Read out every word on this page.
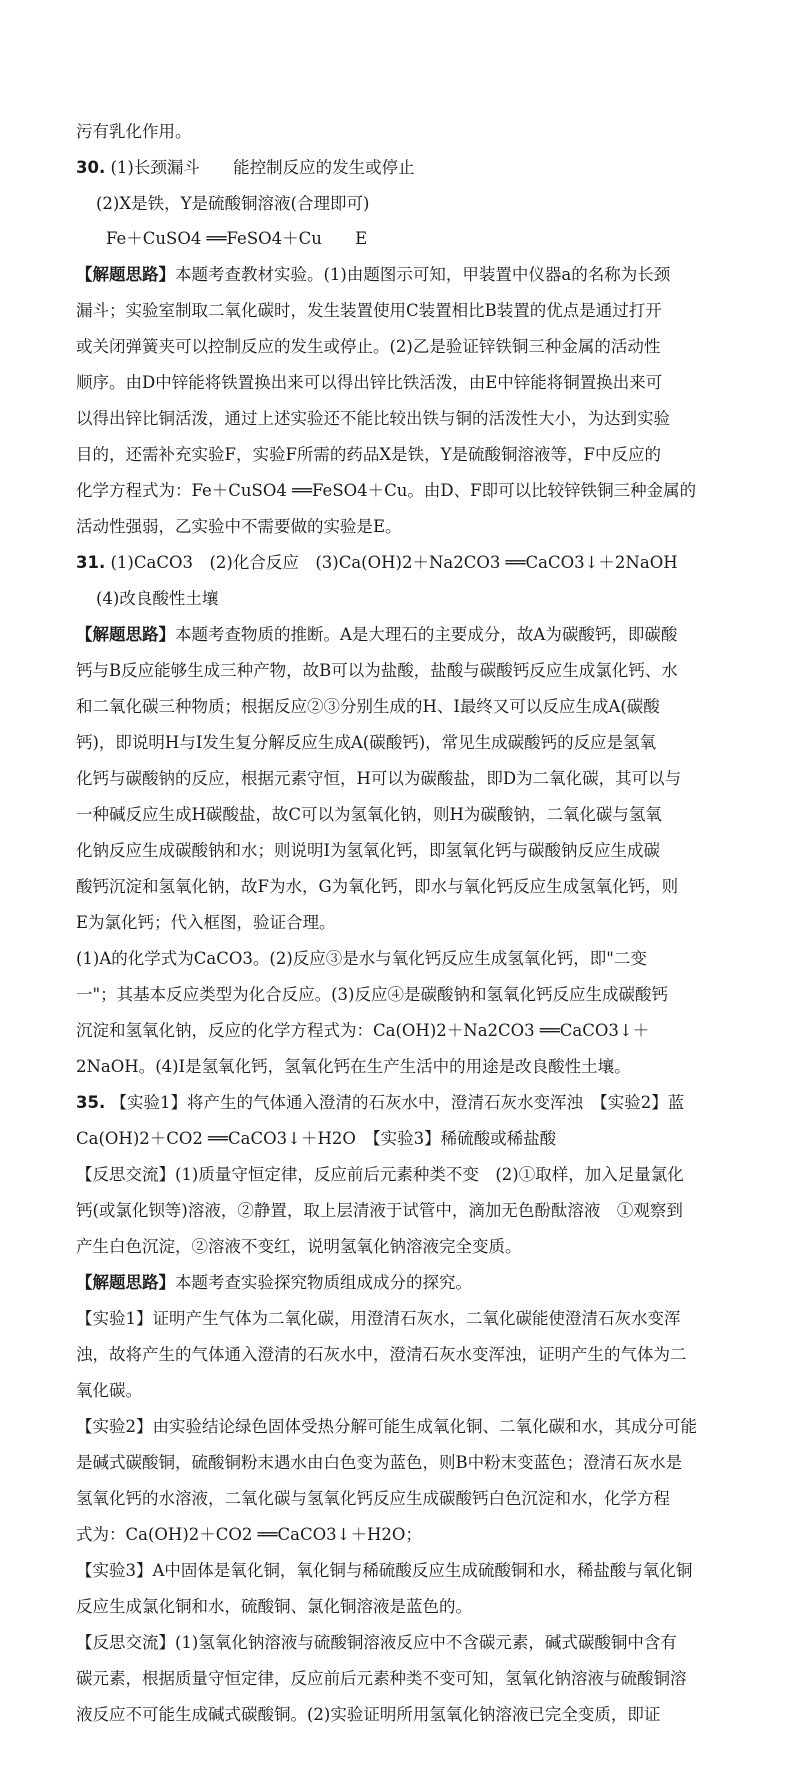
污有乳化作用。
30. (1)长颈漏斗 能控制反应的发生或停止
(2)X是铁，Y是硫酸铜溶液(合理即可)
Fe＋CuSO4 ══FeSO4＋Cu E
【解题思路】本题考查教材实验。(1)由题图示可知，甲装置中仪器a的名称为长颈
漏斗；实验室制取二氧化碳时，发生装置使用C装置相比B装置的优点是通过打开
或关闭弹簧夹可以控制反应的发生或停止。(2)乙是验证锌铁铜三种金属的活动性
顺序。由D中锌能将铁置换出来可以得出锌比铁活泼，由E中锌能将铜置换出来可
以得出锌比铜活泼，通过上述实验还不能比较出铁与铜的活泼性大小，为达到实验
目的，还需补充实验F，实验F所需的药品X是铁，Y是硫酸铜溶液等，F中反应的
化学方程式为：Fe＋CuSO4 ══FeSO4＋Cu。由D、F即可以比较锌铁铜三种金属的
活动性强弱，乙实验中不需要做的实验是E。
31. (1)CaCO3　(2)化合反应　(3)Ca(OH)2＋Na2CO3 ══CaCO3↓＋2NaOH
(4)改良酸性土壤
【解题思路】本题考查物质的推断。A是大理石的主要成分，故A为碳酸钙，即碳酸
钙与B反应能够生成三种产物，故B可以为盐酸，盐酸与碳酸钙反应生成氯化钙、水
和二氧化碳三种物质；根据反应②③分别生成的H、I最终又可以反应生成A(碳酸
钙)，即说明H与I发生复分解反应生成A(碳酸钙)，常见生成碳酸钙的反应是氢氧
化钙与碳酸钠的反应，根据元素守恒，H可以为碳酸盐，即D为二氧化碳，其可以与
一种碱反应生成H碳酸盐，故C可以为氢氧化钠，则H为碳酸钠，二氧化碳与氢氧
化钠反应生成碳酸钠和水；则说明I为氢氧化钙，即氢氧化钙与碳酸钠反应生成碳
酸钙沉淀和氢氧化钠，故F为水，G为氧化钙，即水与氧化钙反应生成氢氧化钙，则
E为氯化钙；代入框图，验证合理。
(1)A的化学式为CaCO3。(2)反应③是水与氧化钙反应生成氢氧化钙，即"二变
一"；其基本反应类型为化合反应。(3)反应④是碳酸钠和氢氧化钙反应生成碳酸钙
沉淀和氢氧化钠，反应的化学方程式为：Ca(OH)2＋Na2CO3 ══CaCO3↓＋
2NaOH。(4)I是氢氧化钙，氢氧化钙在生产生活中的用途是改良酸性土壤。
35. 【实验1】将产生的气体通入澄清的石灰水中，澄清石灰水变浑浊　【实验2】蓝
Ca(OH)2＋CO2 ══CaCO3↓＋H2O　【实验3】稀硫酸或稀盐酸
【反思交流】(1)质量守恒定律，反应前后元素种类不变　(2)①取样，加入足量氯化
钙(或氯化钡等)溶液，②静置，取上层清液于试管中，滴加无色酚酞溶液　①观察到
产生白色沉淀，②溶液不变红，说明氢氧化钠溶液完全变质。
【解题思路】本题考查实验探究物质组成成分的探究。
【实验1】证明产生气体为二氧化碳，用澄清石灰水，二氧化碳能使澄清石灰水变浑
浊，故将产生的气体通入澄清的石灰水中，澄清石灰水变浑浊，证明产生的气体为二
氧化碳。
【实验2】由实验结论绿色固体受热分解可能生成氧化铜、二氧化碳和水，其成分可能
是碱式碳酸铜，硫酸铜粉末遇水由白色变为蓝色，则B中粉末变蓝色；澄清石灰水是
氢氧化钙的水溶液，二氧化碳与氢氧化钙反应生成碳酸钙白色沉淀和水，化学方程
式为：Ca(OH)2＋CO2 ══CaCO3↓＋H2O；
【实验3】A中固体是氧化铜，氧化铜与稀硫酸反应生成硫酸铜和水，稀盐酸与氧化铜
反应生成氯化铜和水，硫酸铜、氯化铜溶液是蓝色的。
【反思交流】(1)氢氧化钠溶液与硫酸铜溶液反应中不含碳元素，碱式碳酸铜中含有
碳元素，根据质量守恒定律，反应前后元素种类不变可知，氢氧化钠溶液与硫酸铜溶
液反应不可能生成碱式碳酸铜。(2)实验证明所用氢氧化钠溶液已完全变质，即证
